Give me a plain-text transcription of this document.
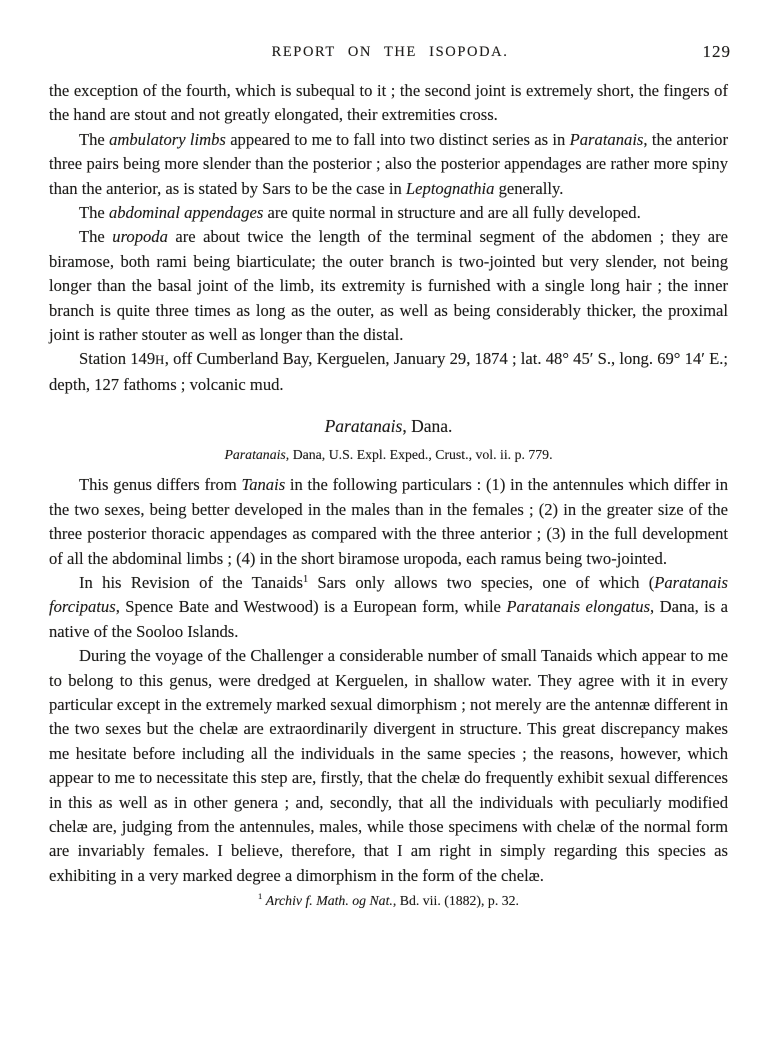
REPORT ON THE ISOPODA.	129

the exception of the fourth, which is subequal to it ; the second joint is extremely short, the fingers of the hand are stout and not greatly elongated, their extremities cross.

The ambulatory limbs appeared to me to fall into two distinct series as in Paratanais, the anterior three pairs being more slender than the posterior ; also the posterior appendages are rather more spiny than the anterior, as is stated by Sars to be the case in Leptognathia generally.

The abdominal appendages are quite normal in structure and are all fully developed.

The uropoda are about twice the length of the terminal segment of the abdomen ; they are biramose, both rami being biarticulate; the outer branch is two-jointed but very slender, not being longer than the basal joint of the limb, its extremity is furnished with a single long hair ; the inner branch is quite three times as long as the outer, as well as being considerably thicker, the proximal joint is rather stouter as well as longer than the distal.

Station 149H, off Cumberland Bay, Kerguelen, January 29, 1874 ; lat. 48° 45′ S., long. 69° 14′ E.; depth, 127 fathoms ; volcanic mud.

Paratanais, Dana.
Paratanais, Dana, U.S. Expl. Exped., Crust., vol. ii. p. 779.

This genus differs from Tanais in the following particulars : (1) in the antennules which differ in the two sexes, being better developed in the males than in the females ; (2) in the greater size of the three posterior thoracic appendages as compared with the three anterior ; (3) in the full development of all the abdominal limbs ; (4) in the short biramose uropoda, each ramus being two-jointed.

In his Revision of the Tanaids$^1$ Sars only allows two species, one of which (Paratanais forcipatus, Spence Bate and Westwood) is a European form, while Paratanais elongatus, Dana, is a native of the Sooloo Islands.

During the voyage of the Challenger a considerable number of small Tanaids which appear to me to belong to this genus, were dredged at Kerguelen, in shallow water. They agree with it in every particular except in the extremely marked sexual dimorphism ; not merely are the antennæ different in the two sexes but the chelæ are extraordinarily divergent in structure. This great discrepancy makes me hesitate before including all the individuals in the same species ; the reasons, however, which appear to me to necessitate this step are, firstly, that the chelæ do frequently exhibit sexual differences in this as well as in other genera ; and, secondly, that all the individuals with peculiarly modified chelæ are, judging from the antennules, males, while those specimens with chelæ of the normal form are invariably females. I believe, therefore, that I am right in simply regarding this species as exhibiting in a very marked degree a dimorphism in the form of the chelæ.

$^1$ Archiv f. Math. og Nat., Bd. vii. (1882), p. 32.
